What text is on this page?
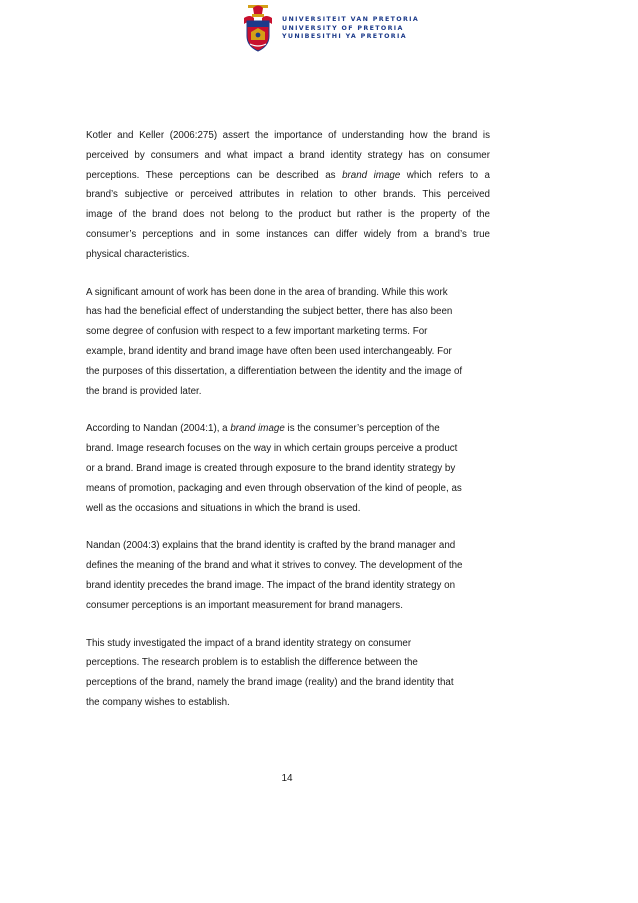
UNIVERSITEIT VAN PRETORIA
UNIVERSITY OF PRETORIA
YUNIBESITHI YA PRETORIA

Kotler and Keller (2006:275) assert the importance of understanding how the brand is
perceived by consumers and what impact a brand identity strategy has on consumer
perceptions. These perceptions can be described as brand image which refers to a
brand’s subjective or perceived attributes in relation to other brands. This perceived
image of the brand does not belong to the product but rather is the property of the
consumer’s perceptions and in some instances can differ widely from a brand’s true
physical characteristics.

A significant amount of work has been done in the area of branding. While this work
has had the beneficial effect of understanding the subject better, there has also been
some degree of confusion with respect to a few important marketing terms. For
example, brand identity and brand image have often been used interchangeably. For
the purposes of this dissertation, a differentiation between the identity and the image of
the brand is provided later.

According to Nandan (2004:1), a brand image is the consumer’s perception of the
brand. Image research focuses on the way in which certain groups perceive a product
or a brand. Brand image is created through exposure to the brand identity strategy by
means of promotion, packaging and even through observation of the kind of people, as
well as the occasions and situations in which the brand is used.

Nandan (2004:3) explains that the brand identity is crafted by the brand manager and
defines the meaning of the brand and what it strives to convey. The development of the
brand identity precedes the brand image. The impact of the brand identity strategy on
consumer perceptions is an important measurement for brand managers.

This study investigated the impact of a brand identity strategy on consumer
perceptions. The research problem is to establish the difference between the
perceptions of the brand, namely the brand image (reality) and the brand identity that
the company wishes to establish.

14
